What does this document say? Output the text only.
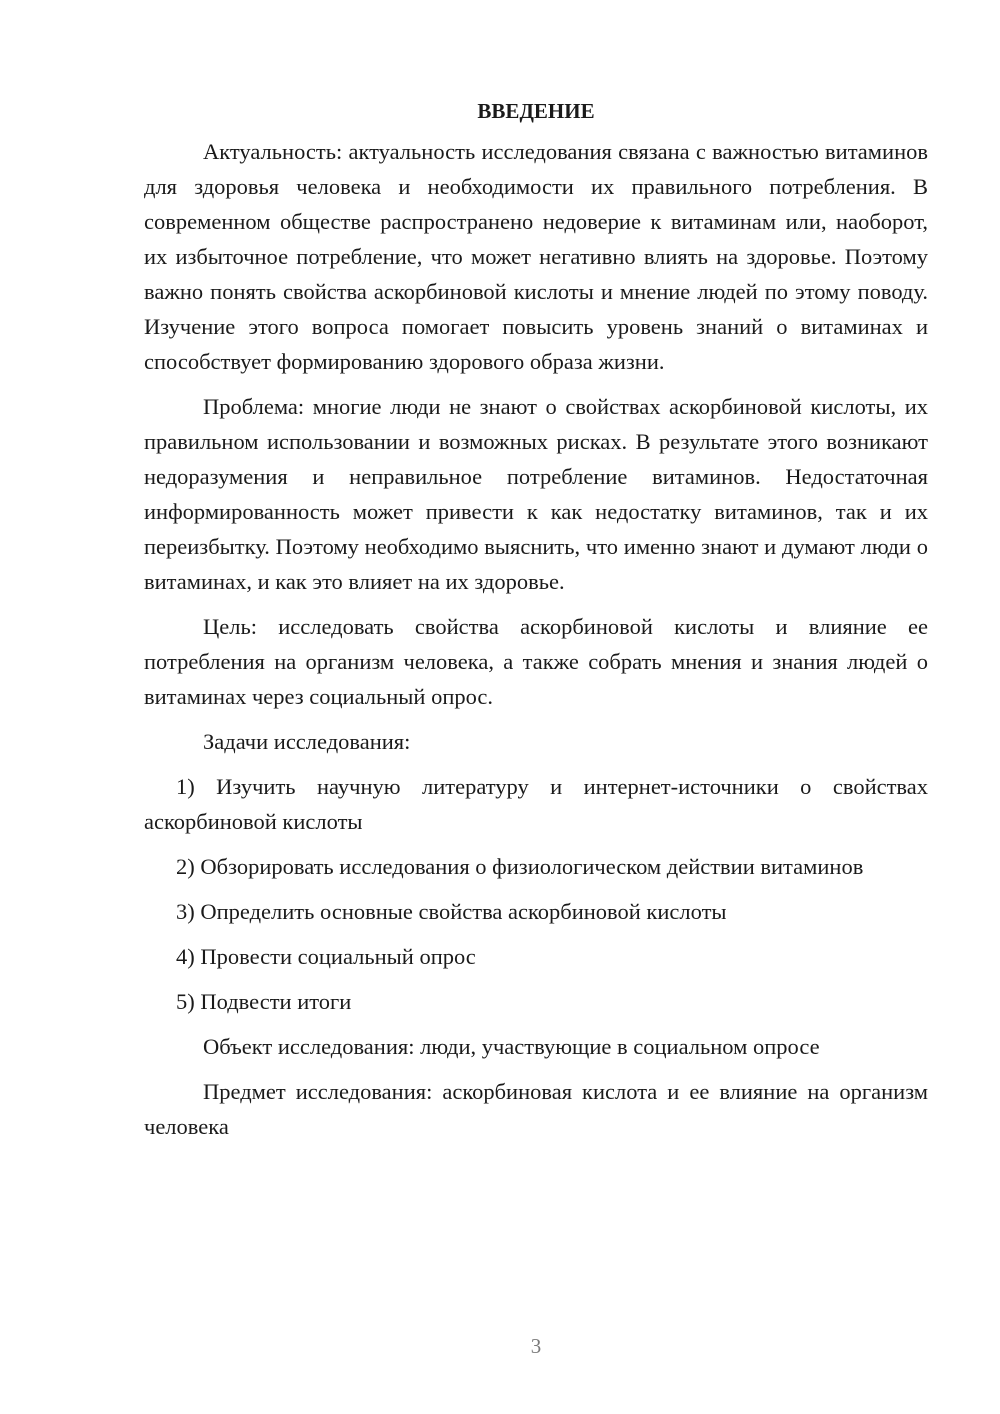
ВВЕДЕНИЕ

Актуальность: актуальность исследования связана с важностью витаминов для здоровья человека и необходимости их правильного потребления. В современном обществе распространено недоверие к витаминам или, наоборот, их избыточное потребление, что может негативно влиять на здоровье. Поэтому важно понять свойства аскорбиновой кислоты и мнение людей по этому поводу. Изучение этого вопроса помогает повысить уровень знаний о витаминах и способствует формированию здорового образа жизни.

Проблема: многие люди не знают о свойствах аскорбиновой кислоты, их правильном использовании и возможных рисках. В результате этого возникают недоразумения и неправильное потребление витаминов. Недостаточная информированность может привести к как недостатку витаминов, так и их переизбытку. Поэтому необходимо выяснить, что именно знают и думают люди о витаминах, и как это влияет на их здоровье.

Цель: исследовать свойства аскорбиновой кислоты и влияние ее потребления на организм человека, а также собрать мнения и знания людей о витаминах через социальный опрос.

Задачи исследования:

1) Изучить научную литературу и интернет-источники о свойствах аскорбиновой кислоты

2) Обзорировать исследования о физиологическом действии витаминов

3) Определить основные свойства аскорбиновой кислоты

4) Провести социальный опрос

5) Подвести итоги

Объект исследования: люди, участвующие в социальном опросе

Предмет исследования: аскорбиновая кислота и ее влияние на организм человека

3
